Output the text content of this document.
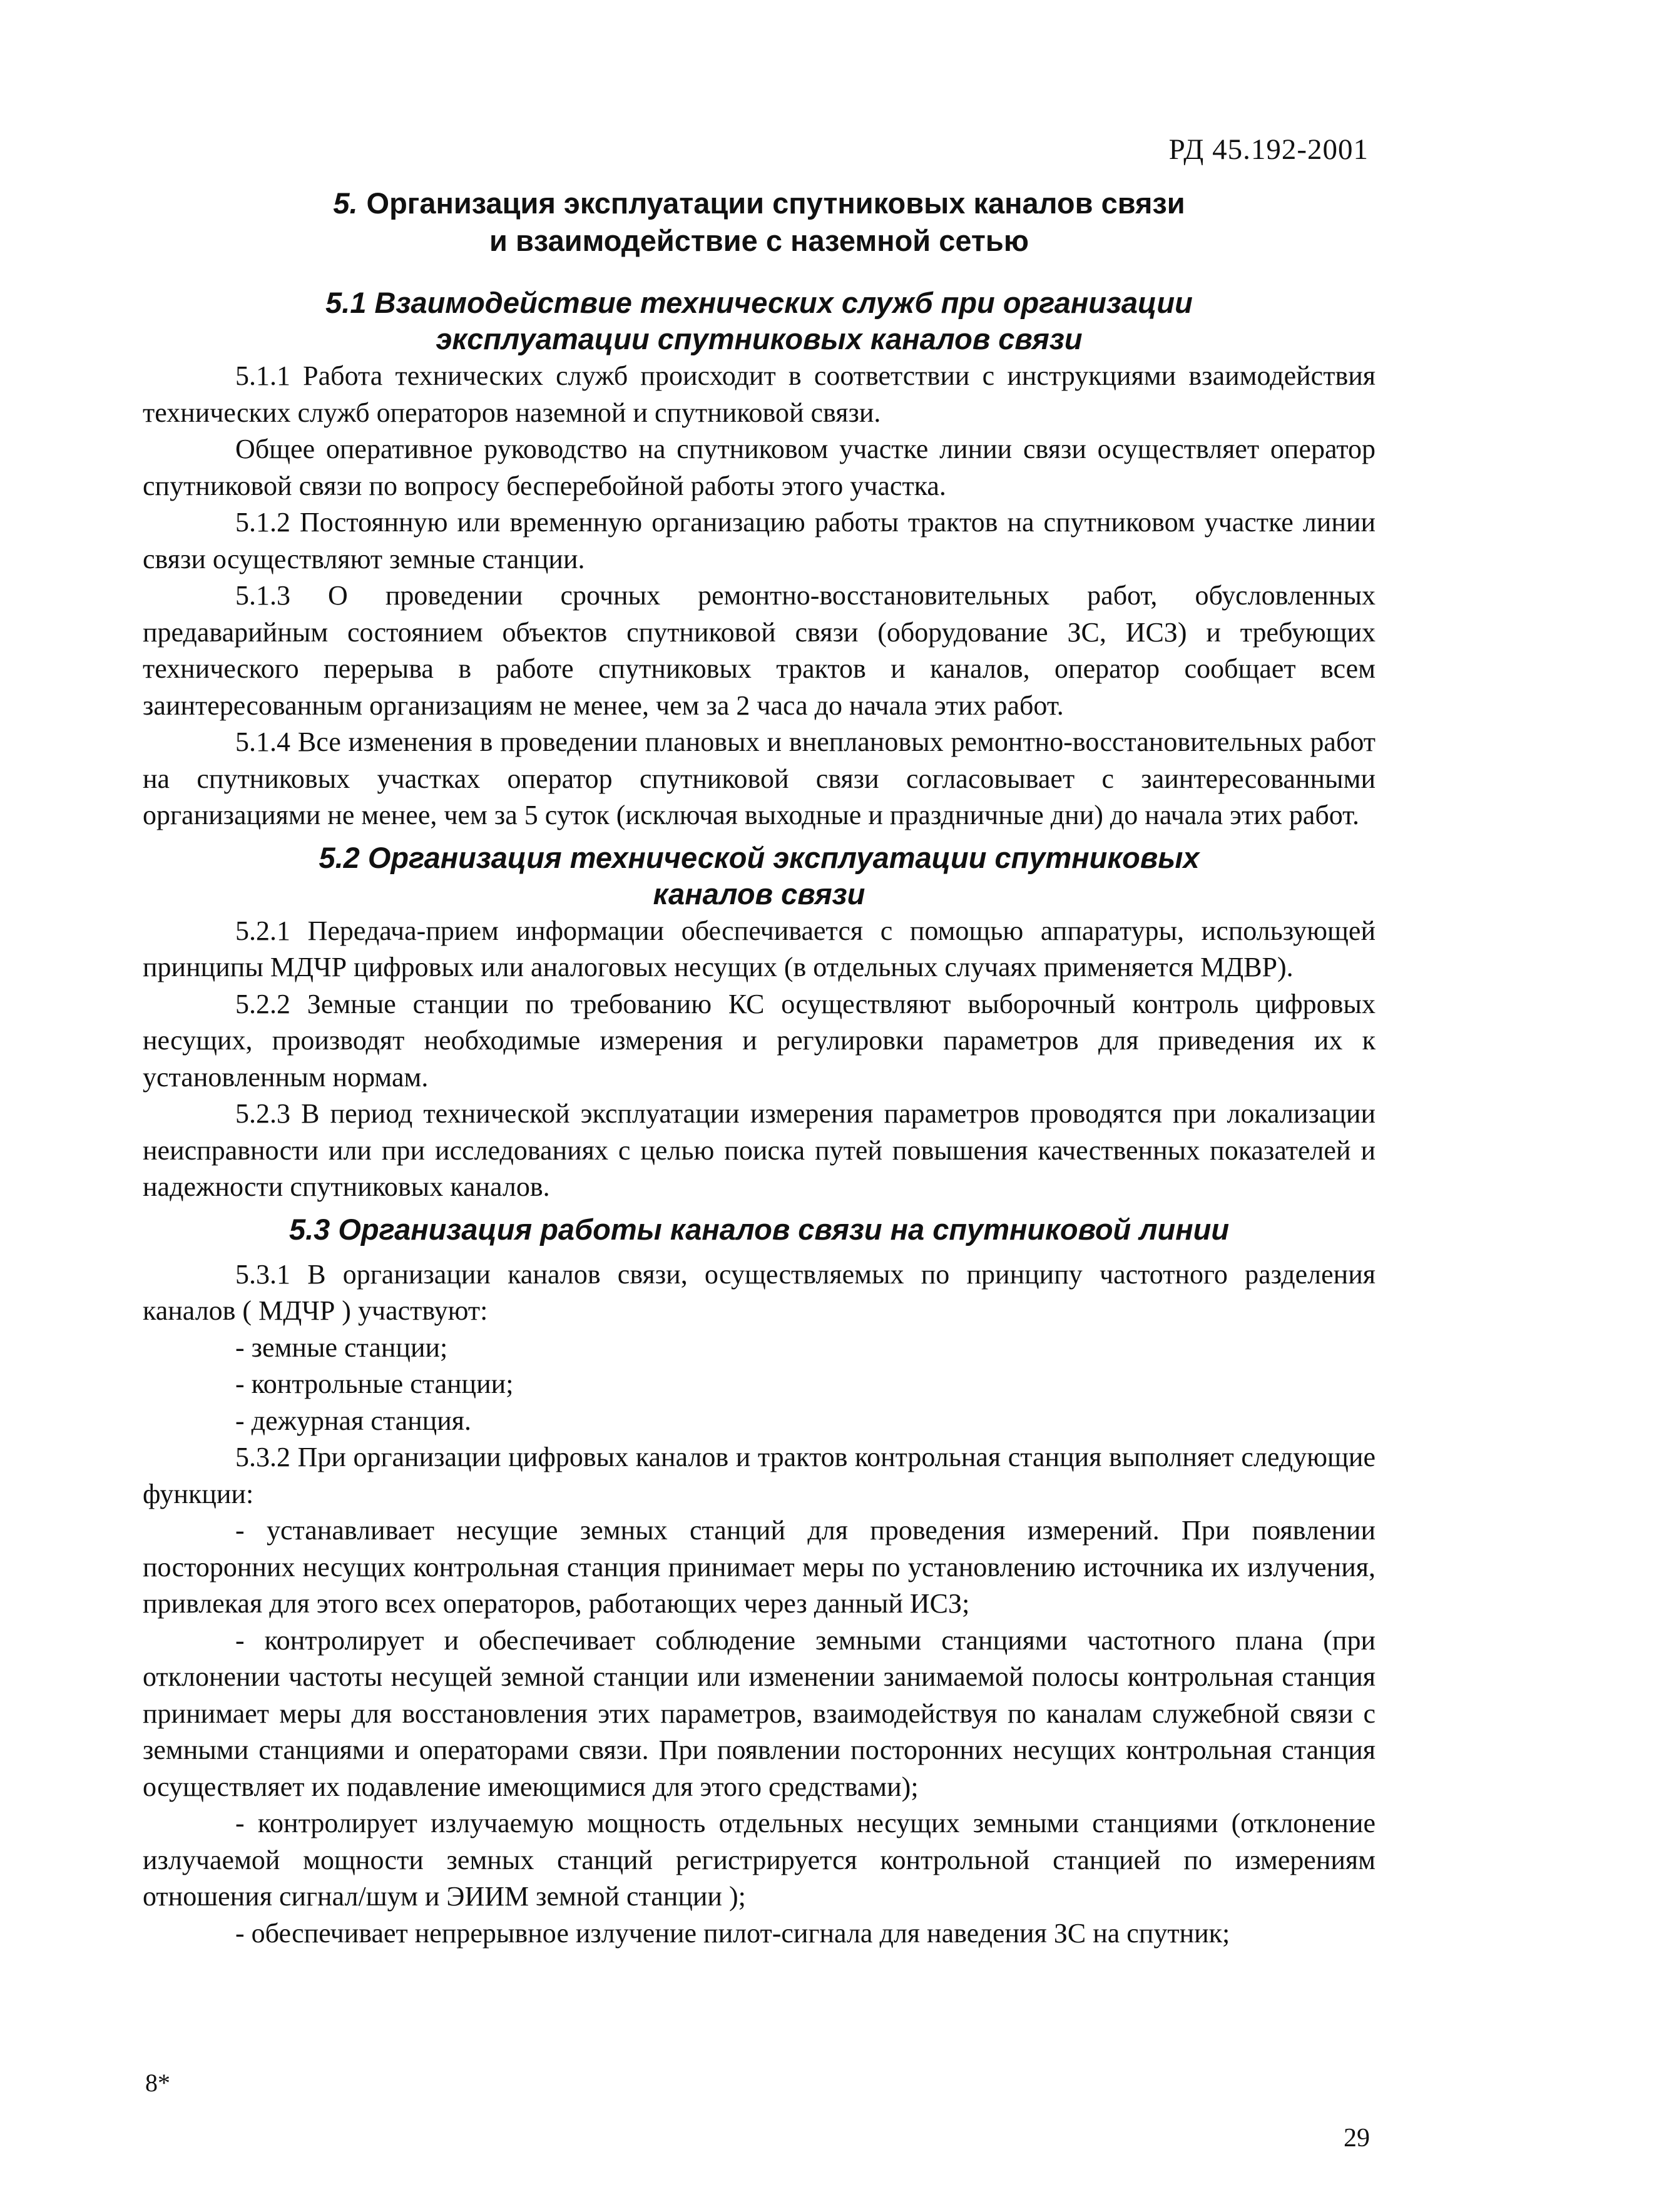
РД 45.192-2001
5. Организация эксплуатации спутниковых каналов связи
и взаимодействие с наземной сетью
5.1 Взаимодействие технических служб при организации
эксплуатации спутниковых каналов связи

5.1.1 Работа технических служб происходит в соответствии с инструкциями взаимодействия технических служб операторов наземной и спутниковой связи.

Общее оперативное руководство на спутниковом участке линии связи осуществляет оператор спутниковой связи по вопросу бесперебойной работы этого участка.

5.1.2 Постоянную или временную организацию работы трактов на спутниковом участке линии связи осуществляют земные станции.

5.1.3 О проведении срочных ремонтно-восстановительных работ, обусловленных предаварийным состоянием объектов спутниковой связи (оборудование ЗС, ИСЗ) и требующих технического перерыва в работе спутниковых трактов и каналов, оператор сообщает всем заинтересованным организациям не менее, чем за 2 часа до начала этих работ.

5.1.4 Все изменения в проведении плановых и внеплановых ремонтно-восстановительных работ на спутниковых участках оператор спутниковой связи согласовывает с заинтересованными организациями не менее, чем за 5 суток (исключая выходные и праздничные дни) до начала этих работ.

5.2 Организация технической эксплуатации спутниковых
каналов связи

5.2.1 Передача-прием информации обеспечивается с помощью аппаратуры, использующей принципы МДЧР цифровых или аналоговых несущих (в отдельных случаях применяется МДВР).

5.2.2 Земные станции по требованию КС осуществляют выборочный контроль цифровых несущих, производят необходимые измерения и регулировки параметров для приведения их к установленным нормам.

5.2.3 В период технической эксплуатации измерения параметров проводятся при локализации неисправности или при исследованиях с целью поиска путей повышения качественных показателей и надежности спутниковых каналов.

5.3 Организация работы каналов связи на спутниковой линии

5.3.1 В организации каналов связи, осуществляемых по принципу частотного разделения каналов ( МДЧР ) участвуют:

- земные станции;

- контрольные станции;

- дежурная станция.

5.3.2 При организации цифровых каналов и трактов контрольная станция выполняет следующие функции:

- устанавливает несущие земных станций для проведения измерений. При появлении посторонних несущих контрольная станция принимает меры по установлению источника их излучения, привлекая для этого всех операторов, работающих через данный ИСЗ;

- контролирует и обеспечивает соблюдение земными станциями частотного плана (при отклонении частоты несущей земной станции или изменении занимаемой полосы контрольная станция принимает меры для восстановления этих параметров, взаимодействуя по каналам служебной связи с земными станциями и операторами связи. При появлении посторонних несущих контрольная станция осуществляет их подавление имеющимися для этого средствами);

- контролирует излучаемую мощность отдельных несущих земными станциями (отклонение излучаемой мощности земных станций регистрируется контрольной станцией по измерениям отношения сигнал/шум и ЭИИМ земной станции );

- обеспечивает непрерывное излучение пилот-сигнала для наведения ЗС на спутник;

8*
29
